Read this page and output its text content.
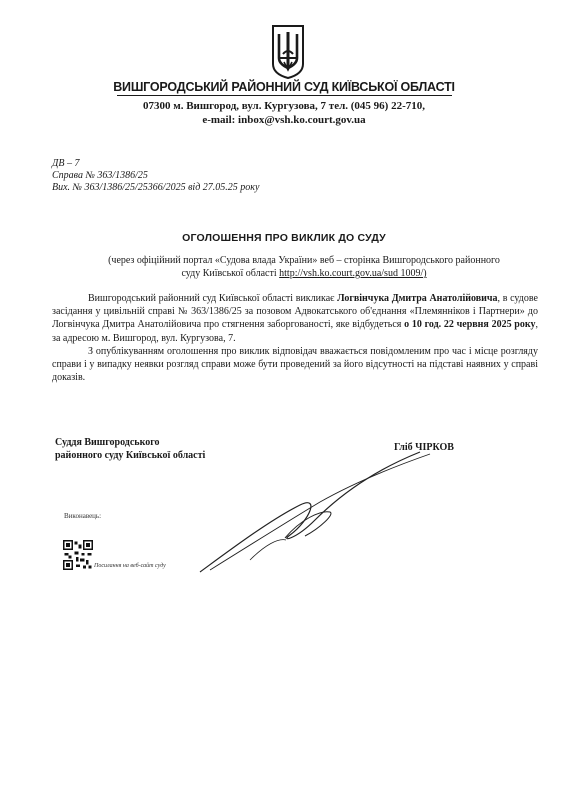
ВИШГОРОДСЬКИЙ РАЙОННИЙ СУД КИЇВСЬКОЇ ОБЛАСТІ
07300 м. Вишгород, вул. Кургузова, 7 тел. (045 96) 22-710,
e-mail: inbox@vsh.ko.court.gov.ua
ДВ – 7
Справа № 363/1386/25
Вих. № 363/1386/25/25366/2025 від 27.05.25 року
ОГОЛОШЕННЯ ПРО ВИКЛИК ДО СУДУ
(через офіційний портал «Судова влада України» веб – сторінка Вишгородського районного
суду Київської області http://vsh.ko.court.gov.ua/sud 1009/)

Вишгородський районний суд Київської області викликає Логвінчука Дмитра Анатолійовича, в судове засідання у цивільній справі № 363/1386/25 за позовом Адвокатського об'єднання «Племяннiков і Партнери» до Логвінчука Дмитра Анатолійовича про стягнення заборгованості, яке відбудеться о 10 год. 22 червня 2025 року, за адресою м. Вишгород, вул. Кургузова, 7.

З опублікуванням оголошення про виклик відповідач вважається повідомленим про час і місце розгляду справи і у випадку неявки розгляд справи може бути проведений за його відсутності на підставі наявних у справі доказів.

Суддя Вишгородського
районного суду Київської області
Гліб ЧІРКОВ
Виконавець:
Посилання на веб-сайт суду
